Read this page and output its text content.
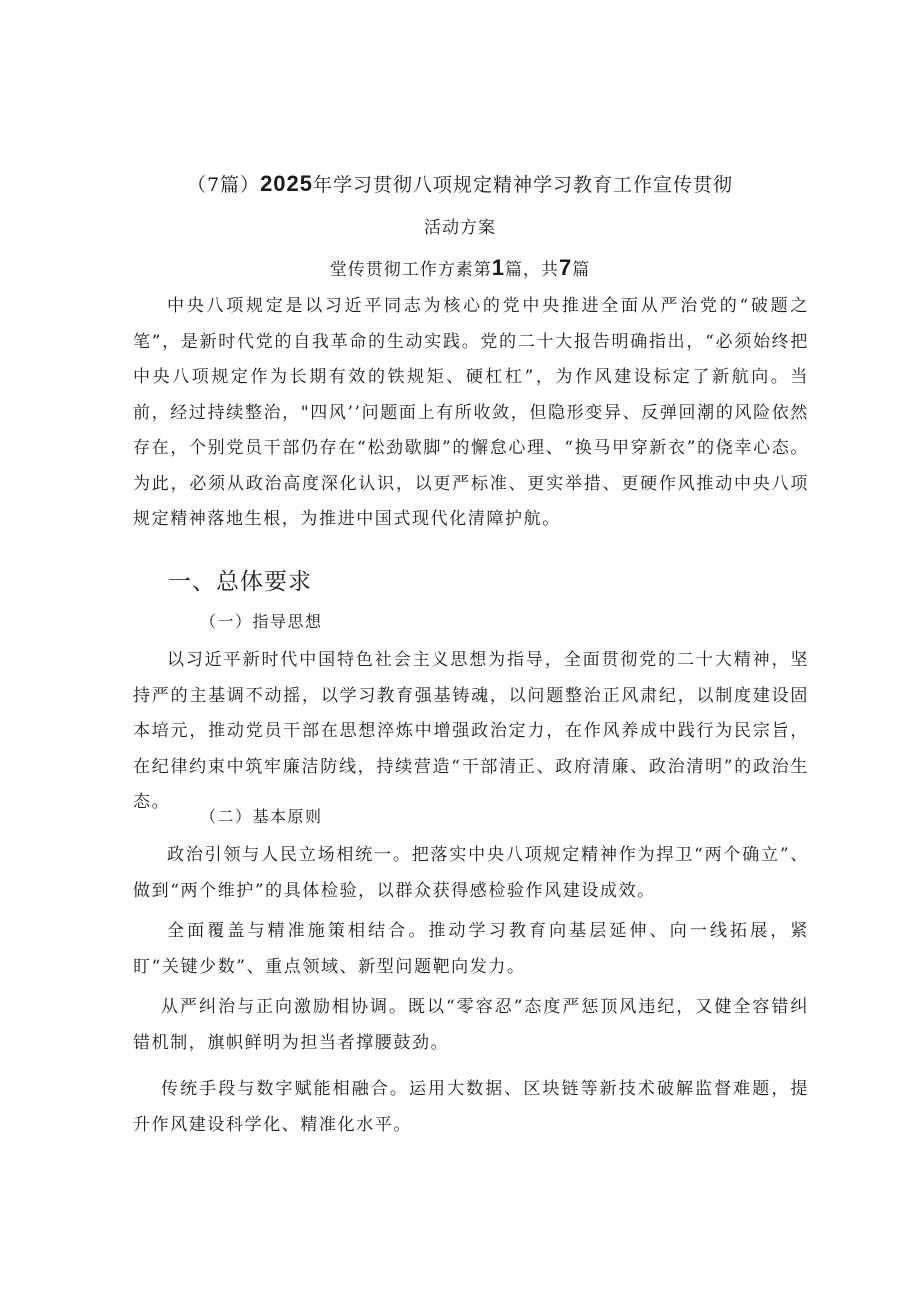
（7篇）2025年学习贯彻八项规定精神学习教育工作宣传贯彻
活动方案
堂传贯彻工作方素第1篇，共7篇

中央八项规定是以习近平同志为核心的党中央推进全面从严治党的“破题之笔”，是新时代党的自我革命的生动实践。党的二十大报告明确指出，“必须始终把中央八项规定作为长期有效的铁规矩、硬杠杠”，为作风建设标定了新航向。当前，经过持续整治，"四风’’问题面上有所收敛，但隐形变异、反弹回潮的风险依然存在，个别党员干部仍存在“松劲歇脚”的懈怠心理、“换马甲穿新衣”的侥幸心态。为此，必须从政治高度深化认识，以更严标准、更实举措、更硬作风推动中央八项规定精神落地生根，为推进中国式现代化清障护航。

一、总体要求

（一）指导思想

以习近平新时代中国特色社会主义思想为指导，全面贯彻党的二十大精神，坚持严的主基调不动摇，以学习教育强基铸魂，以问题整治正风肃纪，以制度建设固本培元，推动党员干部在思想淬炼中增强政治定力，在作风养成中践行为民宗旨，在纪律约束中筑牢廉洁防线，持续营造“干部清正、政府清廉、政治清明”的政治生态。

（二）基本原则

政治引领与人民立场相统一。把落实中央八项规定精神作为捍卫“两个确立”、做到“两个维护”的具体检验，以群众获得感检验作风建设成效。

全面覆盖与精准施策相结合。推动学习教育向基层延伸、向一线拓展，紧盯“关键少数”、重点领域、新型问题靶向发力。

从严纠治与正向激励相协调。既以“零容忍”态度严惩顶风违纪，又健全容错纠错机制，旗帜鲜明为担当者撑腰鼓劲。

传统手段与数字赋能相融合。运用大数据、区块链等新技术破解监督难题，提升作风建设科学化、精准化水平。
